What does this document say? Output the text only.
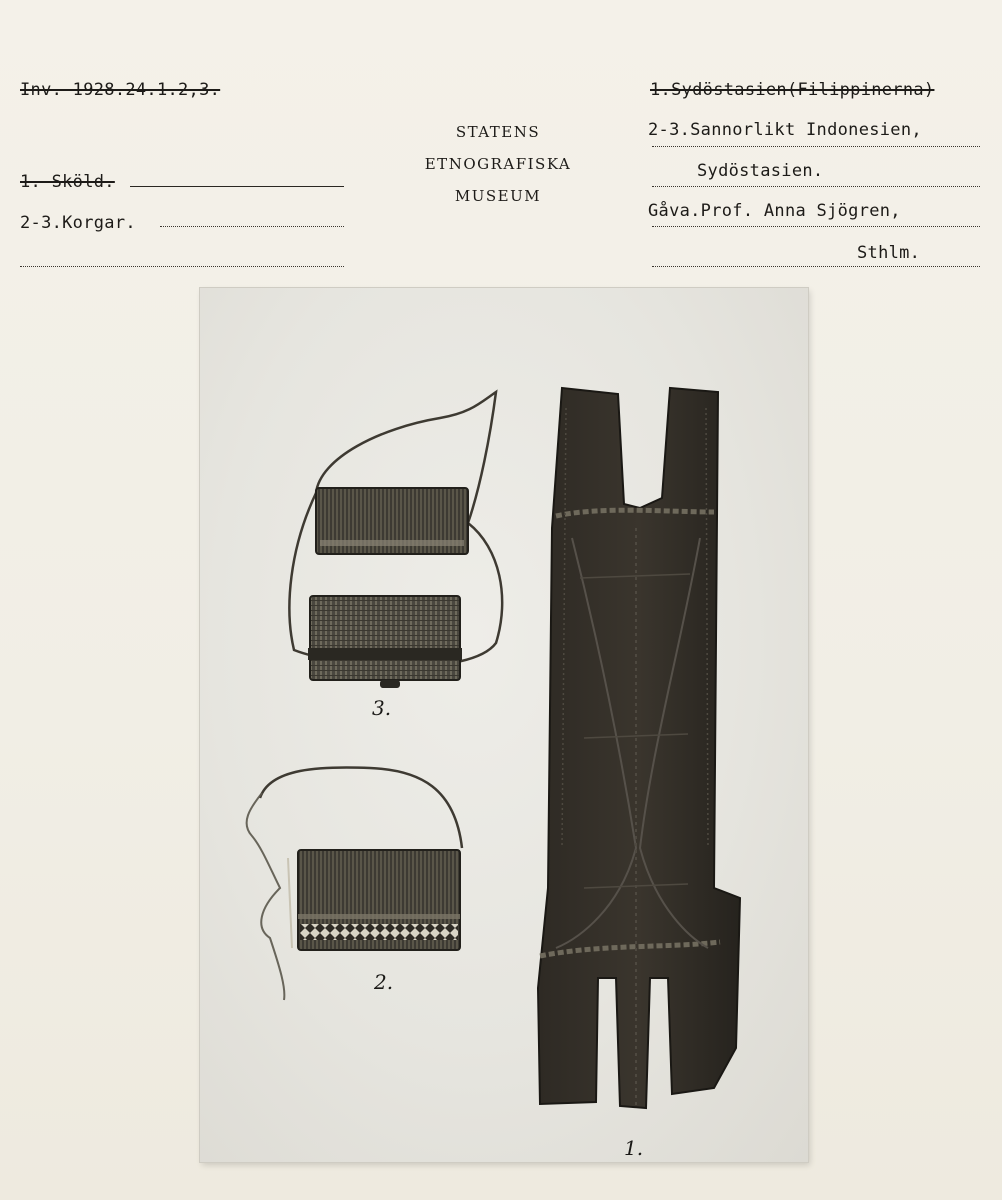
Inv. 1928.24.1.2,3.
1. Sköld.
2-3.Korgar.
STATENS
ETNOGRAFISKA
MUSEUM
1.Sydöstasien(Filippinerna)
2-3.Sannorlikt Indonesien,
Sydöstasien.
Gåva.Prof. Anna Sjögren,
Sthlm.
3.
2.
1.
